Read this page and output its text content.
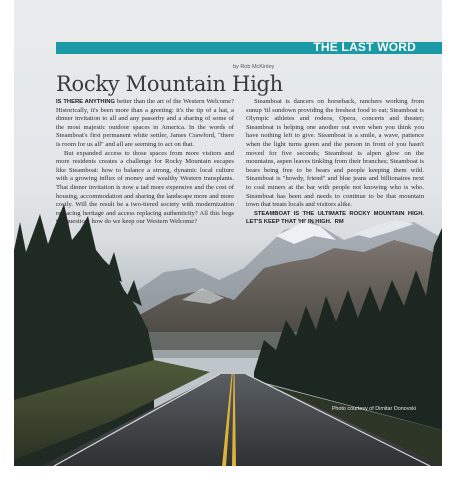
THE LAST WORD
by Rob McKinley
Rocky Mountain High

IS THERE ANYTHING better than the art of the Western Welcome? Historically, it's been more than a greeting: it's the tip of a hat, a dinner invitation to all and any passerby and a sharing of some of the most majestic outdoor spaces in America. In the words of Steamboat's first permanent white settler, James Crawford, "there is room for us all" and all are seeming to act on that.

But expanded access to those spaces from more visitors and more residents creates a challenge for Rocky Mountain escapes like Steamboat: how to balance a strong, dynamic local culture with a growing influx of money and wealthy Western transplants. That dinner invitation is now a tad more expensive and the cost of housing, accommodation and sharing the landscape more and more costly. Will the result be a two-tiered society with modernization replacing heritage and access replacing authenticity? All this begs the question: how do we keep our Western Welcome?

Steamboat is dancers on horseback, ranchers working from sunup 'til sundown providing the freshest food to eat; Steamboat is Olympic athletes and rodeos, Opera, concerts and theater; Steamboat is helping one another out even when you think you have nothing left to give. Steamboat is a smile, a wave, patience when the light turns green and the person in front of you hasn't moved for five seconds; Steamboat is alpen glow on the mountains, aspen leaves tinkling from their branches; Steamboat is bears being free to be bears and people keeping them wild. Steamboat is "howdy, friend" and blue jeans and billionaires next to coal miners at the bar with people not knowing who is who. Steamboat has been and needs to continue to be that mountain town that treats locals and visitors alike.

STEAMBOAT IS THE ULTIMATE ROCKY MOUNTAIN HIGH. LET'S KEEP THAT 'HI' IN HIGH. RM

Photo courtesy of Dimitar Donovski
